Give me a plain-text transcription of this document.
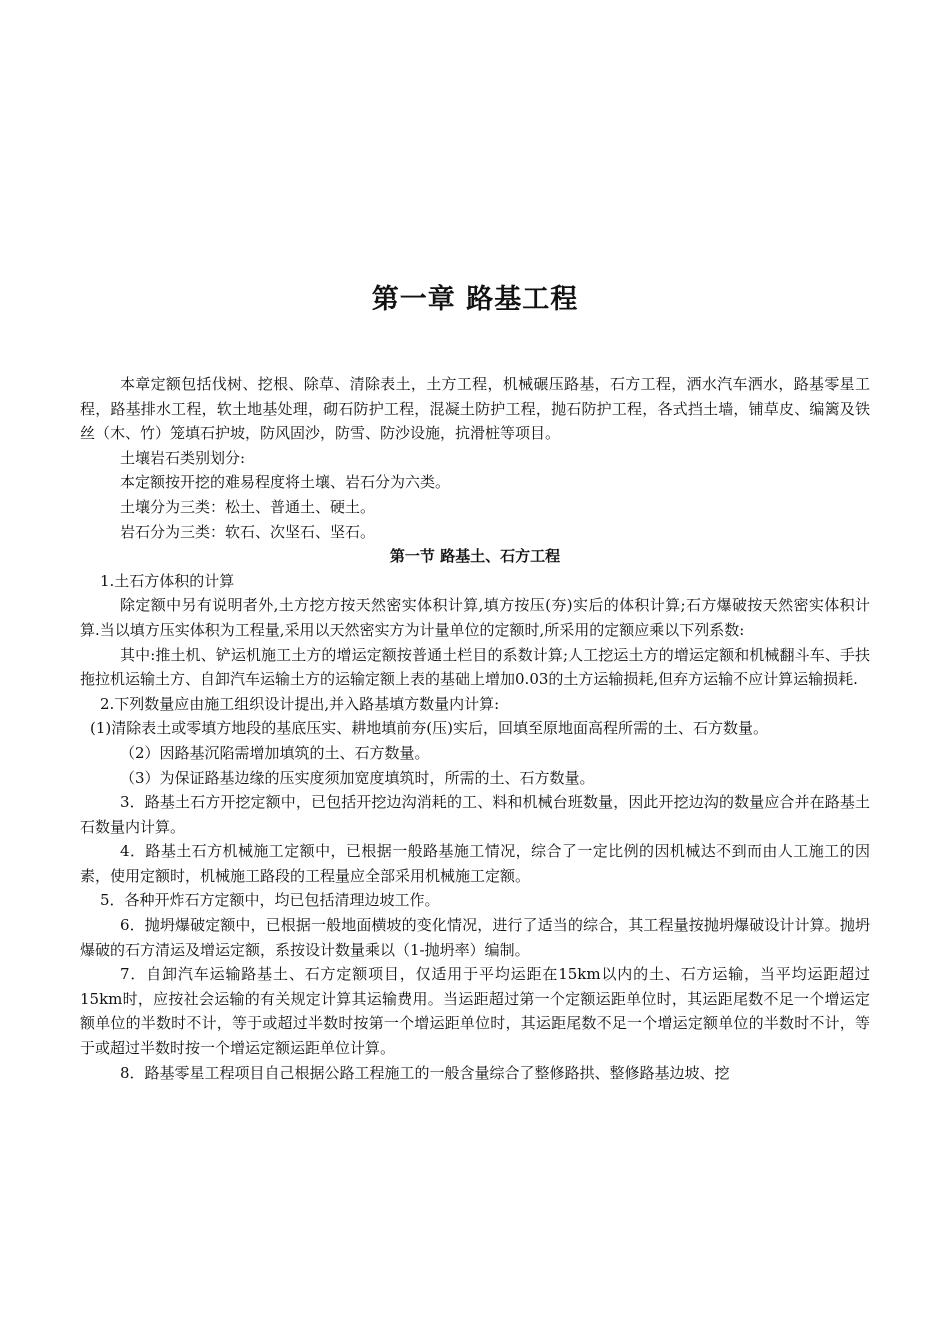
第一章 路基工程

本章定额包括伐树、挖根、除草、清除表土，土方工程，机械碾压路基，石方工程，洒水汽车洒水，路基零星工程，路基排水工程，软土地基处理，砌石防护工程，混凝土防护工程，抛石防护工程，各式挡土墙，铺草皮、编篱及铁丝（木、竹）笼填石护坡，防风固沙，防雪、防沙设施，抗滑桩等项目。

土壤岩石类别划分:

本定额按开挖的难易程度将土壤、岩石分为六类。

土壤分为三类：松土、普通土、硬土。

岩石分为三类：软石、次坚石、坚石。

第一节 路基土、石方工程

1.土石方体积的计算

除定额中另有说明者外,土方挖方按天然密实体积计算,填方按压(夯)实后的体积计算;石方爆破按天然密实体积计算.当以填方压实体积为工程量,采用以天然密实方为计量单位的定额时,所采用的定额应乘以下列系数:

其中:推土机、铲运机施工土方的增运定额按普通土栏目的系数计算;人工挖运土方的增运定额和机械翻斗车、手扶拖拉机运输土方、自卸汽车运输土方的运输定额上表的基础上增加0.03的土方运输损耗,但弃方运输不应计算运输损耗.

2.下列数量应由施工组织设计提出,并入路基填方数量内计算:

(1)清除表土或零填方地段的基底压实、耕地填前夯(压)实后，回填至原地面高程所需的土、石方数量。

（2）因路基沉陷需增加填筑的土、石方数量。

（3）为保证路基边缘的压实度须加宽度填筑时，所需的土、石方数量。

3．路基土石方开挖定额中，已包括开挖边沟消耗的工、料和机械台班数量，因此开挖边沟的数量应合并在路基土石数量内计算。

4．路基土石方机械施工定额中，已根据一般路基施工情况，综合了一定比例的因机械达不到而由人工施工的因素，使用定额时，机械施工路段的工程量应全部采用机械施工定额。

5．各种开炸石方定额中，均已包括清理边坡工作。

6．抛坍爆破定额中，已根据一般地面横坡的变化情况，进行了适当的综合，其工程量按抛坍爆破设计计算。抛坍爆破的石方清运及增运定额，系按设计数量乘以（1-抛坍率）编制。

7．自卸汽车运输路基土、石方定额项目，仅适用于平均运距在15km以内的土、石方运输，当平均运距超过15km时，应按社会运输的有关规定计算其运输费用。当运距超过第一个定额运距单位时，其运距尾数不足一个增运定额单位的半数时不计，等于或超过半数时按第一个增运距单位时，其运距尾数不足一个增运定额单位的半数时不计，等于或超过半数时按一个增运定额运距单位计算。

8．路基零星工程项目自己根据公路工程施工的一般含量综合了整修路拱、整修路基边坡、挖
